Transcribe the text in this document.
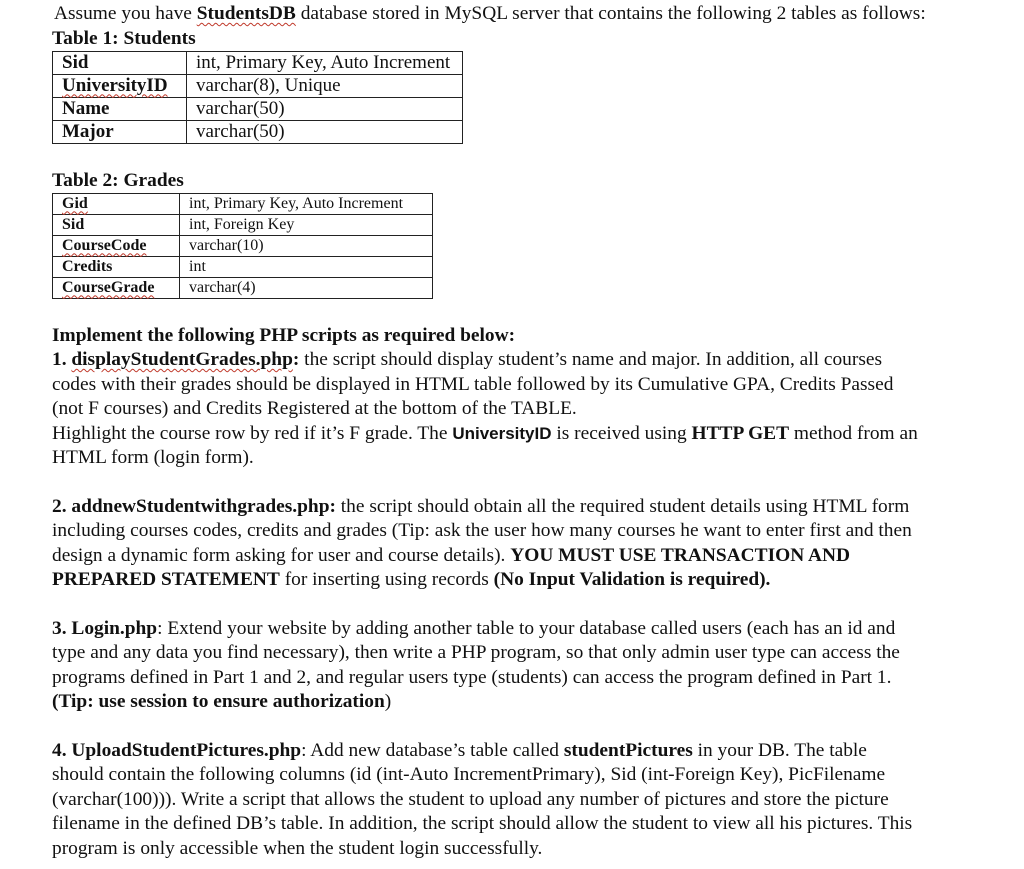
Assume you have StudentsDB database stored in MySQL server that contains the following 2 tables as follows:
Table 1: Students
Sid	int, Primary Key, Auto Increment
UniversityID	varchar(8), Unique
Name	varchar(50)
Major	varchar(50)
Table 2: Grades
Gid	int, Primary Key, Auto Increment
Sid	int, Foreign Key
CourseCode	varchar(10)
Credits	int
CourseGrade	varchar(4)
Implement the following PHP scripts as required below:
1. displayStudentGrades.php: the script should display student’s name and major. In addition, all courses
codes with their grades should be displayed in HTML table followed by its Cumulative GPA, Credits Passed
(not F courses) and Credits Registered at the bottom of the TABLE.
Highlight the course row by red if it’s F grade. The UniversityID is received using HTTP GET method from an
HTML form (login form).
2. addnewStudentwithgrades.php: the script should obtain all the required student details using HTML form
including courses codes, credits and grades (Tip: ask the user how many courses he want to enter first and then
design a dynamic form asking for user and course details). YOU MUST USE TRANSACTION AND
PREPARED STATEMENT for inserting using records (No Input Validation is required).
3. Login.php: Extend your website by adding another table to your database called users (each has an id and
type and any data you find necessary), then write a PHP program, so that only admin user type can access the
programs defined in Part 1 and 2, and regular users type (students) can access the program defined in Part 1.
(Tip: use session to ensure authorization)
4. UploadStudentPictures.php: Add new database’s table called studentPictures in your DB. The table
should contain the following columns (id (int-Auto IncrementPrimary), Sid (int-Foreign Key), PicFilename
(varchar(100))). Write a script that allows the student to upload any number of pictures and store the picture
filename in the defined DB’s table. In addition, the script should allow the student to view all his pictures. This
program is only accessible when the student login successfully.
